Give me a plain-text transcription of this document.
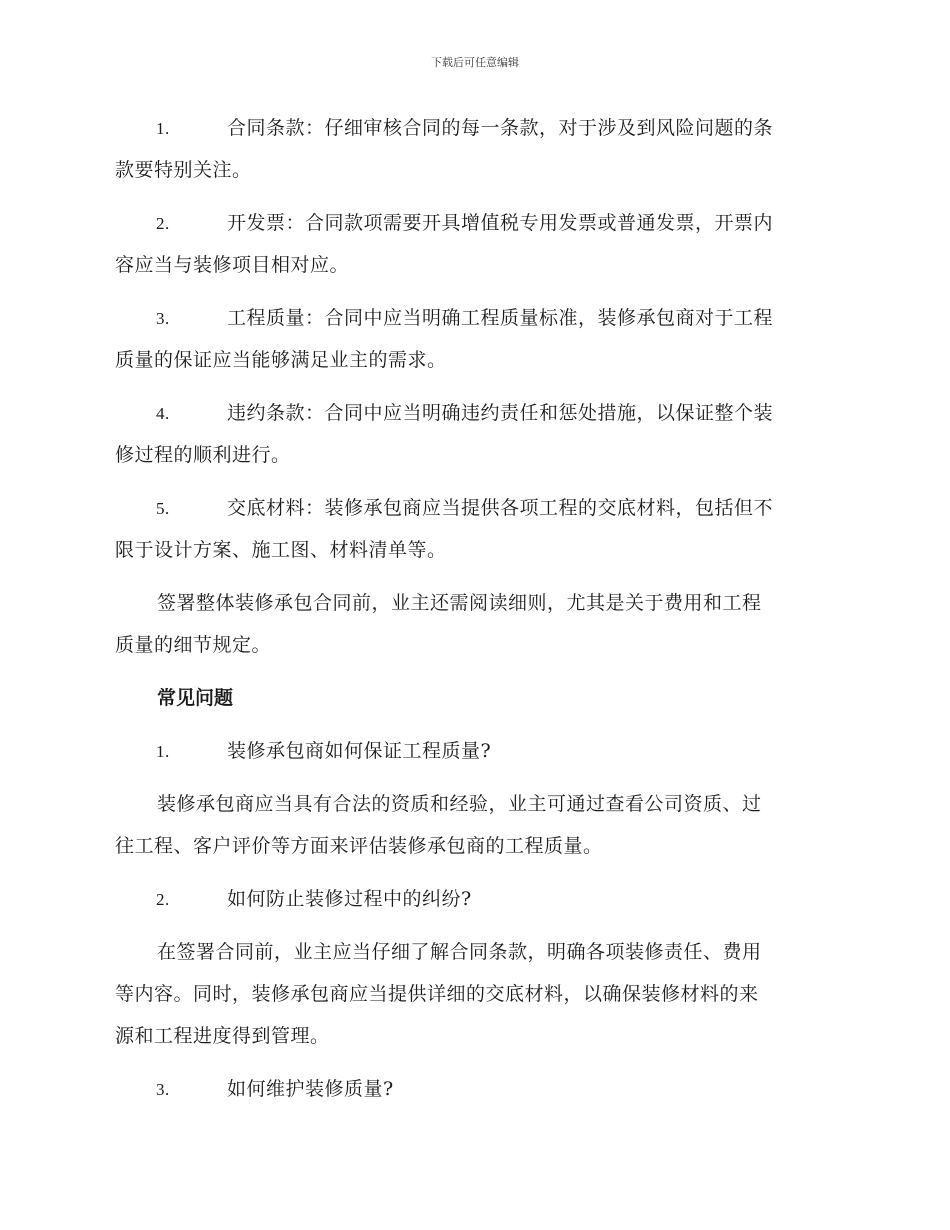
下载后可任意编辑
1.	合同条款：仔细审核合同的每一条款，对于涉及到风险问题的条
款要特别关注。
2.	开发票：合同款项需要开具增值税专用发票或普通发票，开票内
容应当与装修项目相对应。
3.	工程质量：合同中应当明确工程质量标准，装修承包商对于工程
质量的保证应当能够满足业主的需求。
4.	违约条款：合同中应当明确违约责任和惩处措施，以保证整个装
修过程的顺利进行。
5.	交底材料：装修承包商应当提供各项工程的交底材料，包括但不
限于设计方案、施工图、材料清单等。
签署整体装修承包合同前，业主还需阅读细则，尤其是关于费用和工程
质量的细节规定。
常见问题
1.	装修承包商如何保证工程质量?
装修承包商应当具有合法的资质和经验，业主可通过查看公司资质、过
往工程、客户评价等方面来评估装修承包商的工程质量。
2.	如何防止装修过程中的纠纷?
在签署合同前，业主应当仔细了解合同条款，明确各项装修责任、费用
等内容。同时，装修承包商应当提供详细的交底材料，以确保装修材料的来
源和工程进度得到管理。
3.	如何维护装修质量?
